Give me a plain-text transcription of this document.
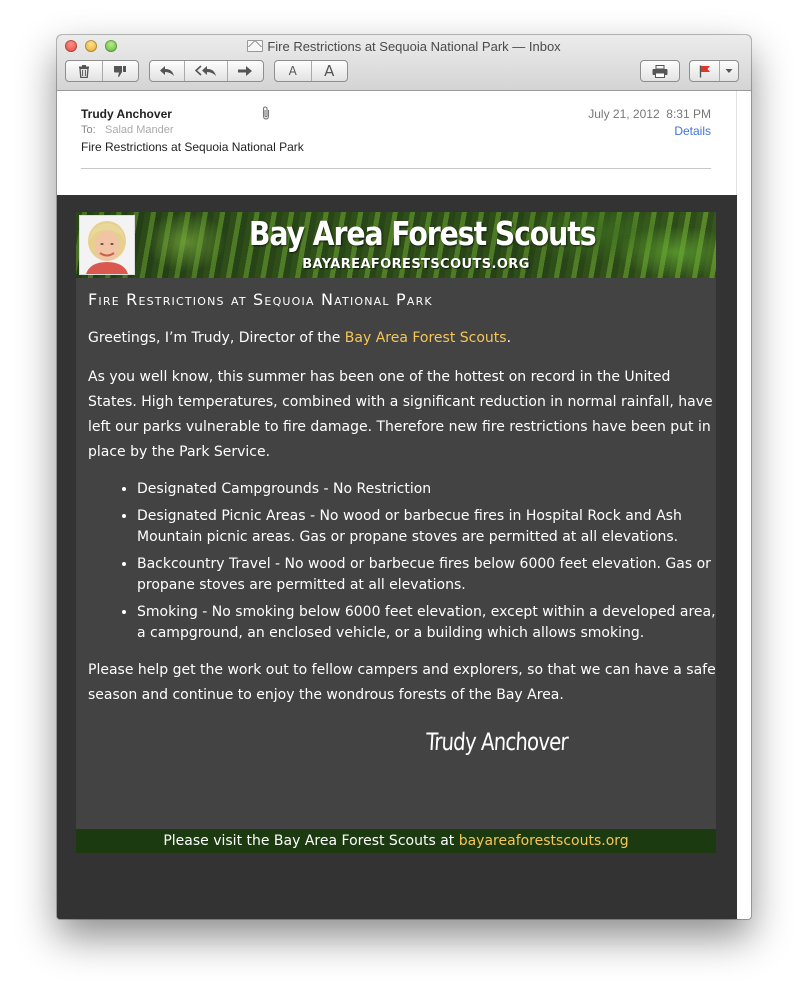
Fire Restrictions at Sequoia National Park — Inbox
A A
Trudy Anchover
To: Salad Mander
Fire Restrictions at Sequoia National Park
July 21, 2012 8:31 PM
Details
Bay Area Forest Scouts
BAYAREAFORESTSCOUTS.ORG
Fire Restrictions at Sequoia National Park

Greetings, I’m Trudy, Director of the Bay Area Forest Scouts.

As you well know, this summer has been one of the hottest on record in the United States. High temperatures, combined with a significant reduction in normal rainfall, have left our parks vulnerable to fire damage. Therefore new fire restrictions have been put in place by the Park Service.

• Designated Campgrounds - No Restriction
• Designated Picnic Areas - No wood or barbecue fires in Hospital Rock and Ash Mountain picnic areas. Gas or propane stoves are permitted at all elevations.
• Backcountry Travel - No wood or barbecue fires below 6000 feet elevation. Gas or propane stoves are permitted at all elevations.
• Smoking - No smoking below 6000 feet elevation, except within a developed area, a campground, an enclosed vehicle, or a building which allows smoking.

Please help get the work out to fellow campers and explorers, so that we can have a safe season and continue to enjoy the wondrous forests of the Bay Area.

Please visit the Bay Area Forest Scouts at bayareaforestscouts.org
Trudy Anchover
